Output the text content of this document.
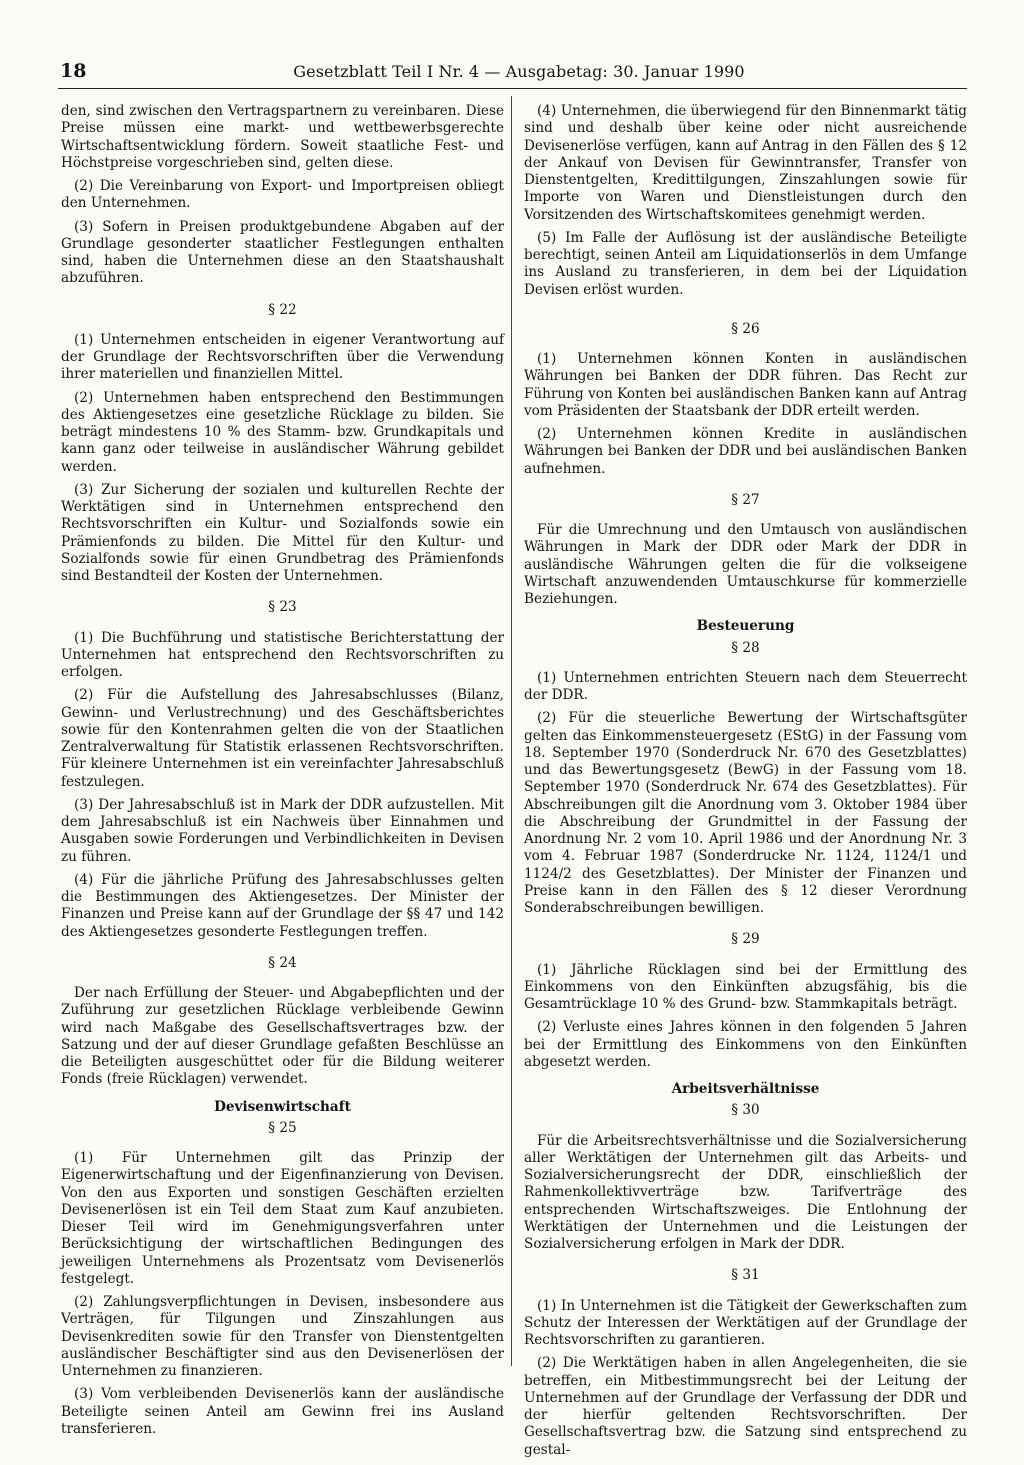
18	Gesetzblatt Teil I Nr. 4 — Ausgabetag: 30. Januar 1990

den, sind zwischen den Vertragspartnern zu vereinbaren. Diese Preise müssen eine markt- und wettbewerbsgerechte Wirtschaftsentwicklung fördern. Soweit staatliche Fest- und Höchstpreise vorgeschrieben sind, gelten diese.

(2) Die Vereinbarung von Export- und Importpreisen obliegt den Unternehmen.

(3) Sofern in Preisen produktgebundene Abgaben auf der Grundlage gesonderter staatlicher Festlegungen enthalten sind, haben die Unternehmen diese an den Staatshaushalt abzuführen.

§ 22

(1) Unternehmen entscheiden in eigener Verantwortung auf der Grundlage der Rechtsvorschriften über die Verwendung ihrer materiellen und finanziellen Mittel.

(2) Unternehmen haben entsprechend den Bestimmungen des Aktiengesetzes eine gesetzliche Rücklage zu bilden. Sie beträgt mindestens 10 % des Stamm- bzw. Grundkapitals und kann ganz oder teilweise in ausländischer Währung gebildet werden.

(3) Zur Sicherung der sozialen und kulturellen Rechte der Werktätigen sind in Unternehmen entsprechend den Rechtsvorschriften ein Kultur- und Sozialfonds sowie ein Prämienfonds zu bilden. Die Mittel für den Kultur- und Sozialfonds sowie für einen Grundbetrag des Prämienfonds sind Bestandteil der Kosten der Unternehmen.

§ 23

(1) Die Buchführung und statistische Berichterstattung der Unternehmen hat entsprechend den Rechtsvorschriften zu erfolgen.

(2) Für die Aufstellung des Jahresabschlusses (Bilanz, Gewinn- und Verlustrechnung) und des Geschäftsberichtes sowie für den Kontenrahmen gelten die von der Staatlichen Zentralverwaltung für Statistik erlassenen Rechtsvorschriften. Für kleinere Unternehmen ist ein vereinfachter Jahresabschluß festzulegen.

(3) Der Jahresabschluß ist in Mark der DDR aufzustellen. Mit dem Jahresabschluß ist ein Nachweis über Einnahmen und Ausgaben sowie Forderungen und Verbindlichkeiten in Devisen zu führen.

(4) Für die jährliche Prüfung des Jahresabschlusses gelten die Bestimmungen des Aktiengesetzes. Der Minister der Finanzen und Preise kann auf der Grundlage der §§ 47 und 142 des Aktiengesetzes gesonderte Festlegungen treffen.

§ 24

Der nach Erfüllung der Steuer- und Abgabepflichten und der Zuführung zur gesetzlichen Rücklage verbleibende Gewinn wird nach Maßgabe des Gesellschaftsvertrages bzw. der Satzung und der auf dieser Grundlage gefaßten Beschlüsse an die Beteiligten ausgeschüttet oder für die Bildung weiterer Fonds (freie Rücklagen) verwendet.

Devisenwirtschaft
§ 25

(1) Für Unternehmen gilt das Prinzip der Eigenerwirtschaftung und der Eigenfinanzierung von Devisen. Von den aus Exporten und sonstigen Geschäften erzielten Devisenerlösen ist ein Teil dem Staat zum Kauf anzubieten. Dieser Teil wird im Genehmigungsverfahren unter Berücksichtigung der wirtschaftlichen Bedingungen des jeweiligen Unternehmens als Prozentsatz vom Devisenerlös festgelegt.

(2) Zahlungsverpflichtungen in Devisen, insbesondere aus Verträgen, für Tilgungen und Zinszahlungen aus Devisenkrediten sowie für den Transfer von Dienstentgelten ausländischer Beschäftigter sind aus den Devisenerlösen der Unternehmen zu finanzieren.

(3) Vom verbleibenden Devisenerlös kann der ausländische Beteiligte seinen Anteil am Gewinn frei ins Ausland transferieren.

(4) Unternehmen, die überwiegend für den Binnenmarkt tätig sind und deshalb über keine oder nicht ausreichende Devisenerlöse verfügen, kann auf Antrag in den Fällen des § 12 der Ankauf von Devisen für Gewinntransfer, Transfer von Dienstentgelten, Kredittilgungen, Zinszahlungen sowie für Importe von Waren und Dienstleistungen durch den Vorsitzenden des Wirtschaftskomitees genehmigt werden.

(5) Im Falle der Auflösung ist der ausländische Beteiligte berechtigt, seinen Anteil am Liquidationserlös in dem Umfange ins Ausland zu transferieren, in dem bei der Liquidation Devisen erlöst wurden.

§ 26

(1) Unternehmen können Konten in ausländischen Währungen bei Banken der DDR führen. Das Recht zur Führung von Konten bei ausländischen Banken kann auf Antrag vom Präsidenten der Staatsbank der DDR erteilt werden.

(2) Unternehmen können Kredite in ausländischen Währungen bei Banken der DDR und bei ausländischen Banken aufnehmen.

§ 27

Für die Umrechnung und den Umtausch von ausländischen Währungen in Mark der DDR oder Mark der DDR in ausländische Währungen gelten die für die volkseigene Wirtschaft anzuwendenden Umtauschkurse für kommerzielle Beziehungen.

Besteuerung
§ 28

(1) Unternehmen entrichten Steuern nach dem Steuerrecht der DDR.

(2) Für die steuerliche Bewertung der Wirtschaftsgüter gelten das Einkommensteuergesetz (EStG) in der Fassung vom 18. September 1970 (Sonderdruck Nr. 670 des Gesetzblattes) und das Bewertungsgesetz (BewG) in der Fassung vom 18. September 1970 (Sonderdruck Nr. 674 des Gesetzblattes). Für Abschreibungen gilt die Anordnung vom 3. Oktober 1984 über die Abschreibung der Grundmittel in der Fassung der Anordnung Nr. 2 vom 10. April 1986 und der Anordnung Nr. 3 vom 4. Februar 1987 (Sonderdrucke Nr. 1124, 1124/1 und 1124/2 des Gesetzblattes). Der Minister der Finanzen und Preise kann in den Fällen des § 12 dieser Verordnung Sonderabschreibungen bewilligen.

§ 29

(1) Jährliche Rücklagen sind bei der Ermittlung des Einkommens von den Einkünften abzugsfähig, bis die Gesamtrücklage 10 % des Grund- bzw. Stammkapitals beträgt.

(2) Verluste eines Jahres können in den folgenden 5 Jahren bei der Ermittlung des Einkommens von den Einkünften abgesetzt werden.

Arbeitsverhältnisse
§ 30

Für die Arbeitsrechtsverhältnisse und die Sozialversicherung aller Werktätigen der Unternehmen gilt das Arbeits- und Sozialversicherungsrecht der DDR, einschließlich der Rahmenkollektivverträge bzw. Tarifverträge des entsprechenden Wirtschaftszweiges. Die Entlohnung der Werktätigen der Unternehmen und die Leistungen der Sozialversicherung erfolgen in Mark der DDR.

§ 31

(1) In Unternehmen ist die Tätigkeit der Gewerkschaften zum Schutz der Interessen der Werktätigen auf der Grundlage der Rechtsvorschriften zu garantieren.

(2) Die Werktätigen haben in allen Angelegenheiten, die sie betreffen, ein Mitbestimmungsrecht bei der Leitung der Unternehmen auf der Grundlage der Verfassung der DDR und der hierfür geltenden Rechtsvorschriften. Der Gesellschaftsvertrag bzw. die Satzung sind entsprechend zu gestal-
